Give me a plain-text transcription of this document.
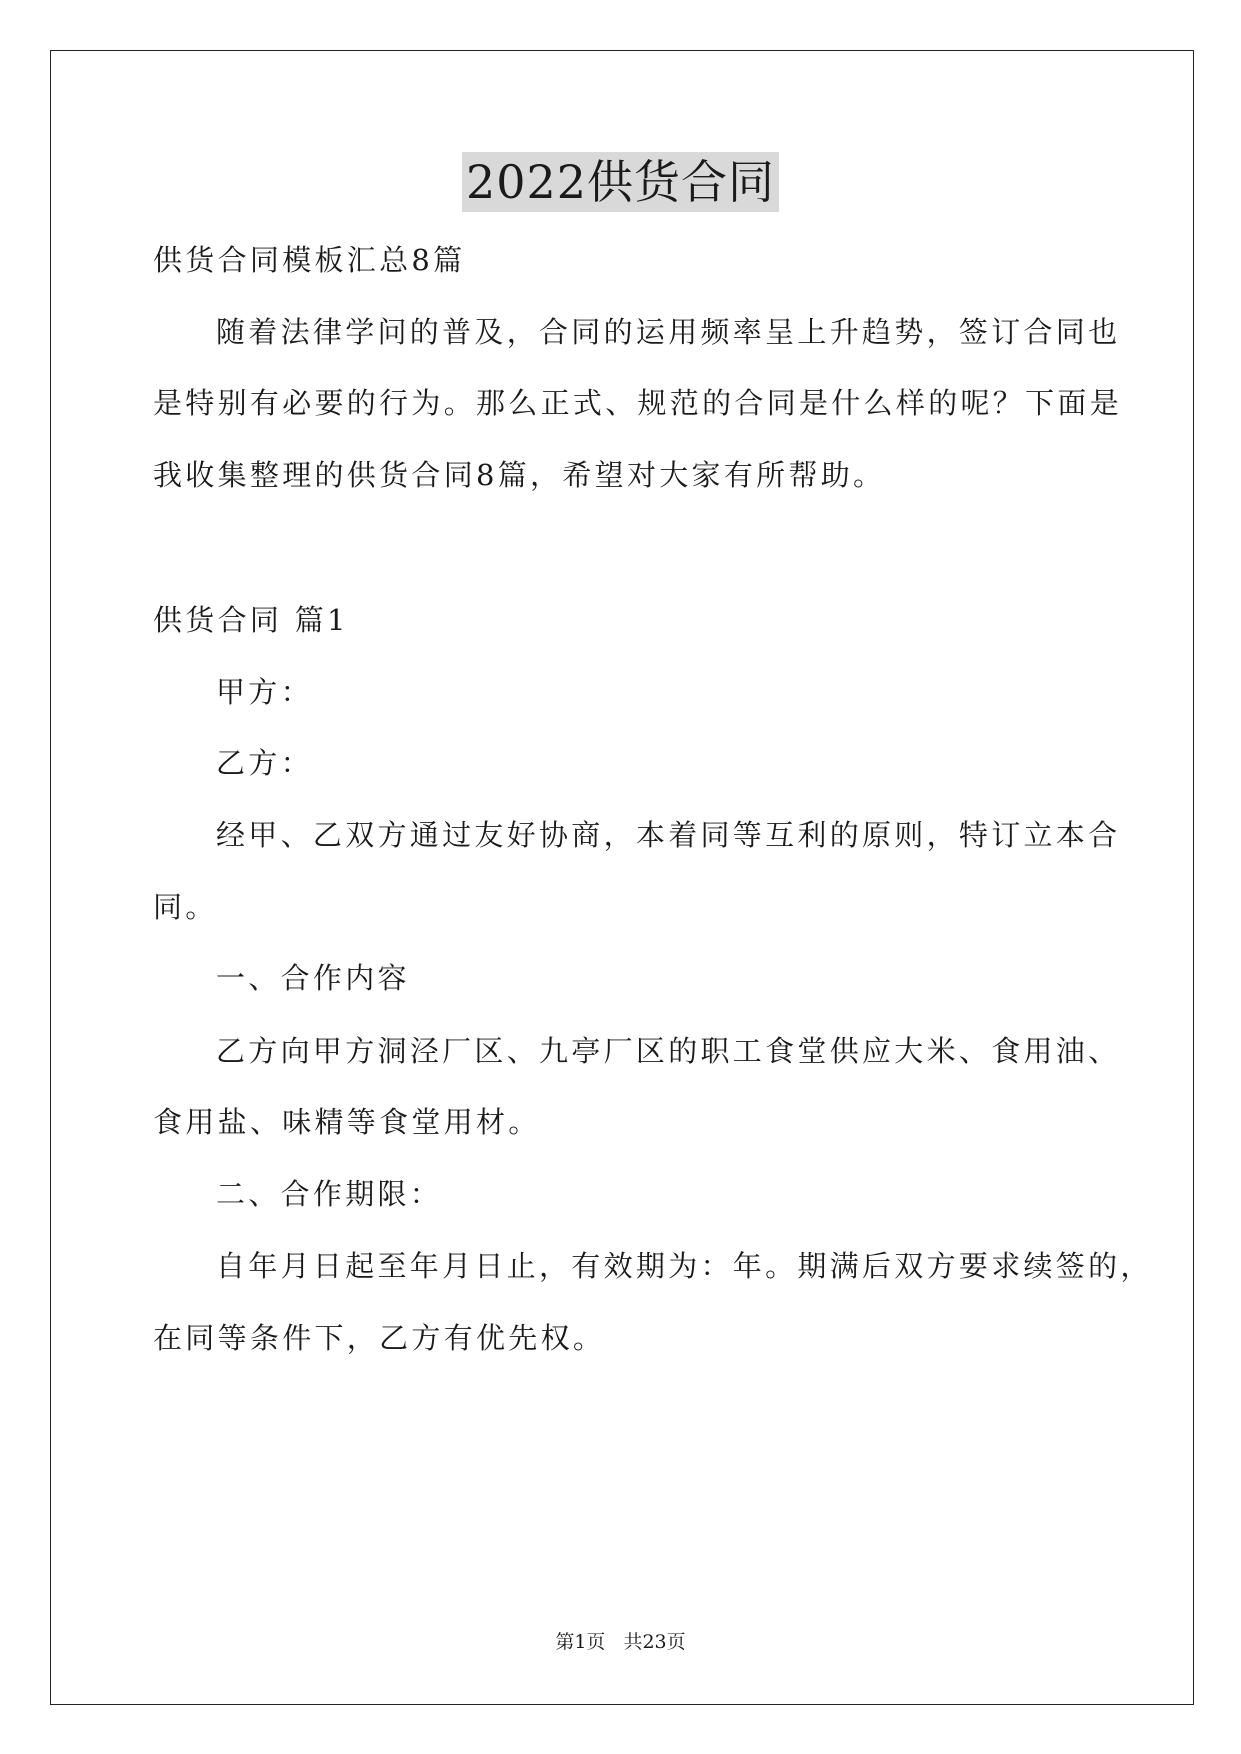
2022供货合同
供货合同模板汇总8篇
随着法律学问的普及，合同的运用频率呈上升趋势，签订合同也
是特别有必要的行为。那么正式、规范的合同是什么样的呢？下面是
我收集整理的供货合同8篇，希望对大家有所帮助。
供货合同 篇1
甲方：
乙方：
经甲、乙双方通过友好协商，本着同等互利的原则，特订立本合
同。
一、合作内容
乙方向甲方洞泾厂区、九亭厂区的职工食堂供应大米、食用油、
食用盐、味精等食堂用材。
二、合作期限：
自年月日起至年月日止，有效期为：年。期满后双方要求续签的，
在同等条件下，乙方有优先权。
第1页 共23页
